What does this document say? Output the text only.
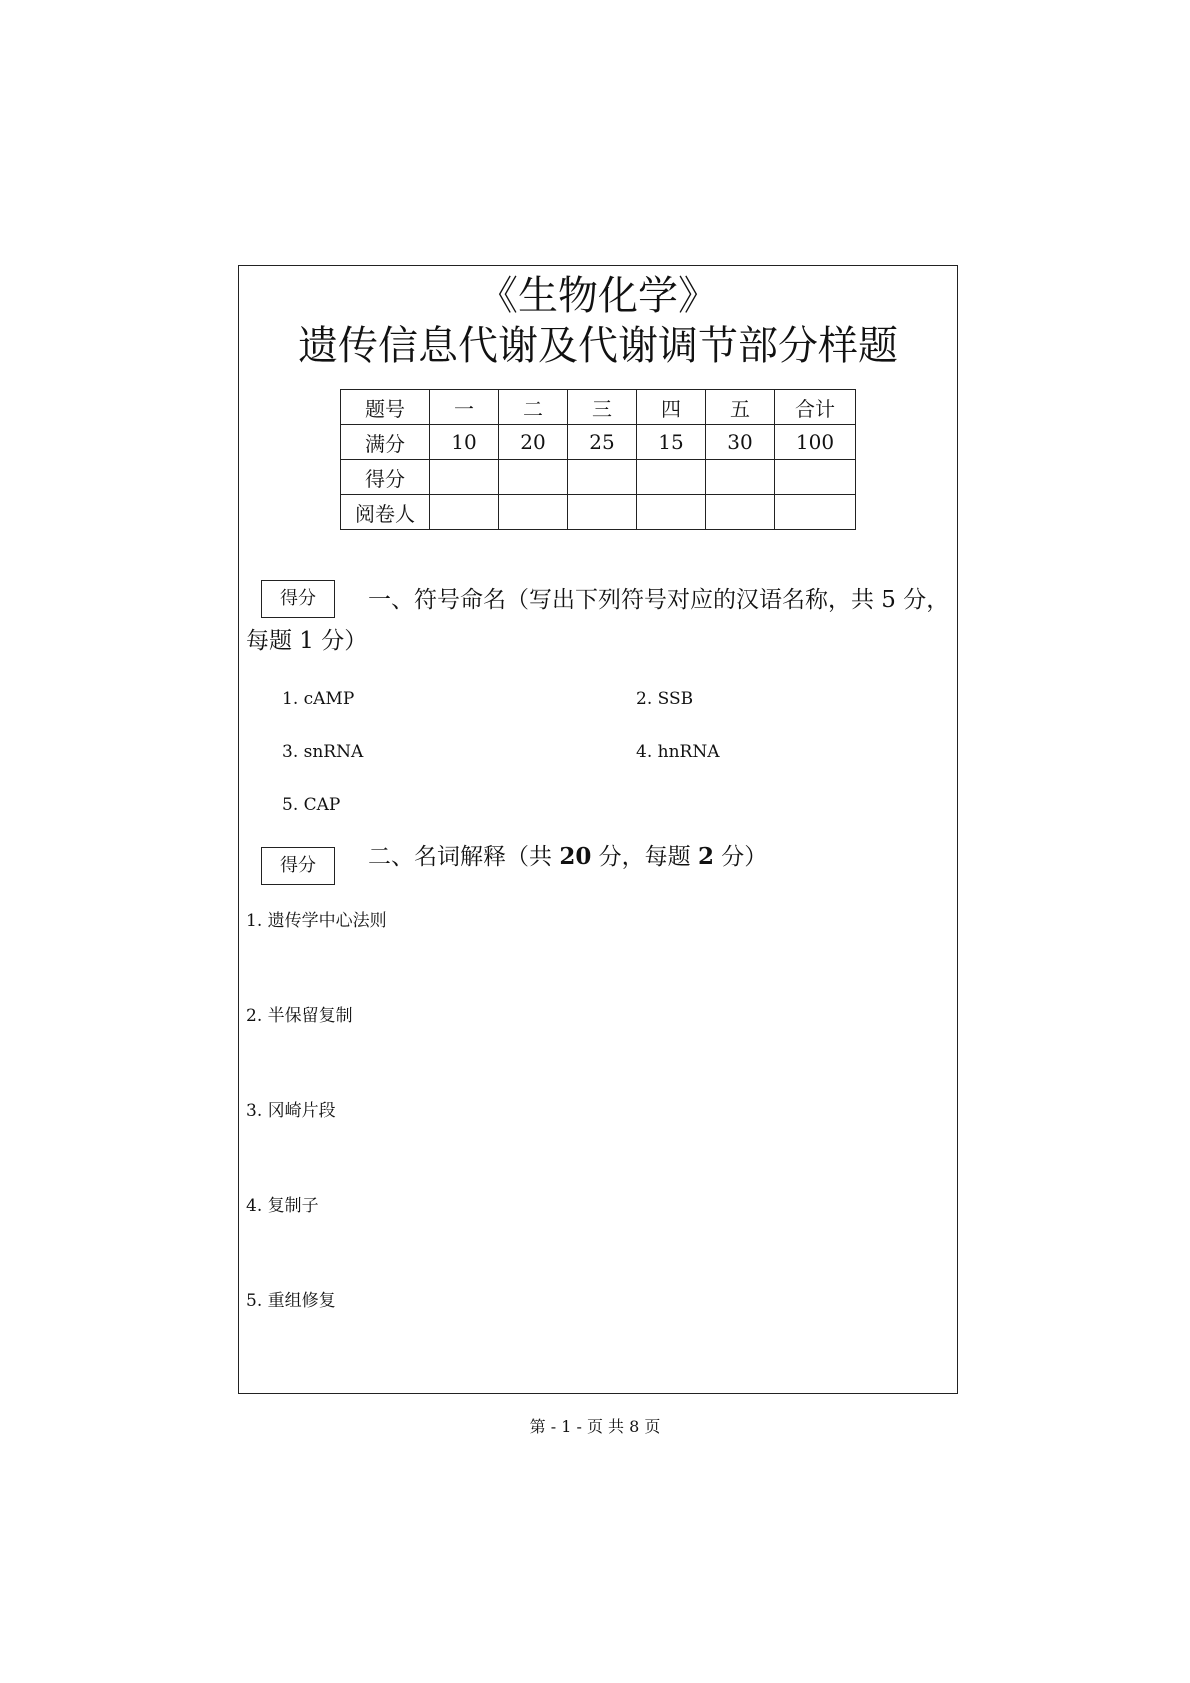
《生物化学》
遗传信息代谢及代谢调节部分样题
题号	一	二	三	四	五	合计
满分	10	20	25	15	30	100
得分						
阅卷人						
得分	一、符号命名（写出下列符号对应的汉语名称，共 5 分，
每题 1 分）
1. cAMP	2. SSB
3. snRNA	4. hnRNA
5. CAP
得分	二、名词解释（共 20 分，每题 2 分）
1. 遗传学中心法则
2. 半保留复制
3. 冈崎片段
4. 复制子
5. 重组修复
第 - 1 - 页 共 8 页
